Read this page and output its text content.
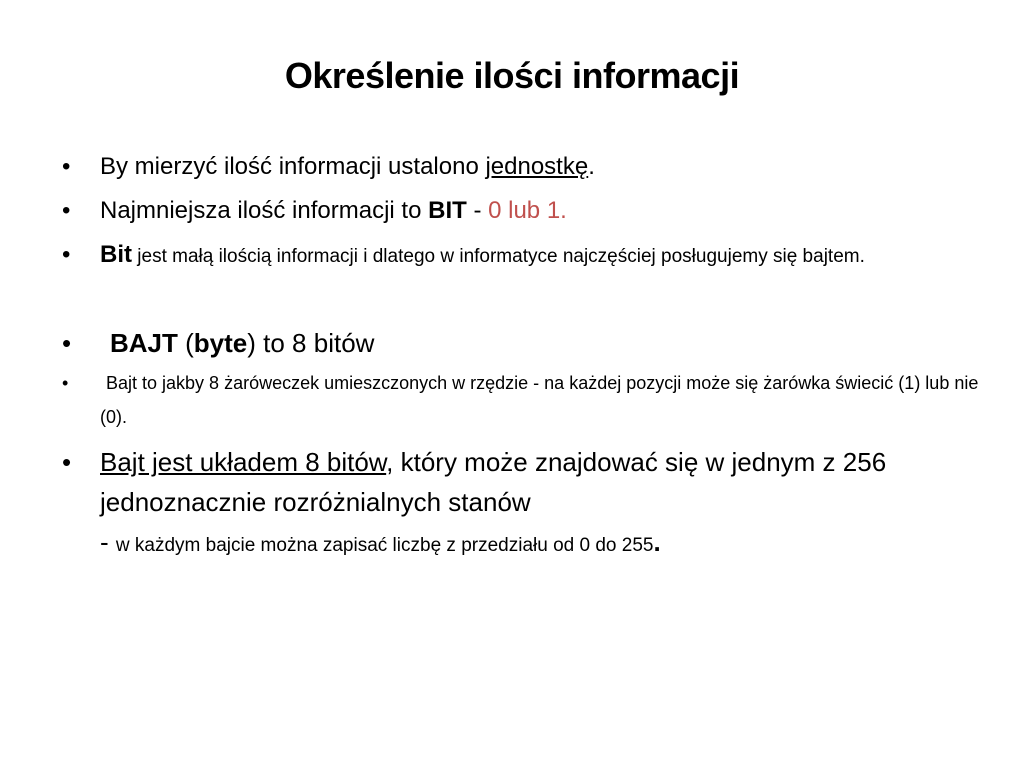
Określenie ilości informacji
• By mierzyć ilość informacji ustalono jednostkę.
• Najmniejsza ilość informacji to BIT - 0 lub 1.
• Bit jest małą ilością informacji i dlatego w informatyce najczęściej posługujemy się bajtem.
• BAJT (byte) to 8 bitów
• Bajt to jakby 8 żaróweczek umieszczonych w rzędzie - na każdej pozycji może się żarówka świecić (1) lub nie (0).
• Bajt jest układem 8 bitów, który może znajdować się w jednym z 256 jednoznacznie rozróżnialnych stanów
- w każdym bajcie można zapisać liczbę z przedziału od 0 do 255.
